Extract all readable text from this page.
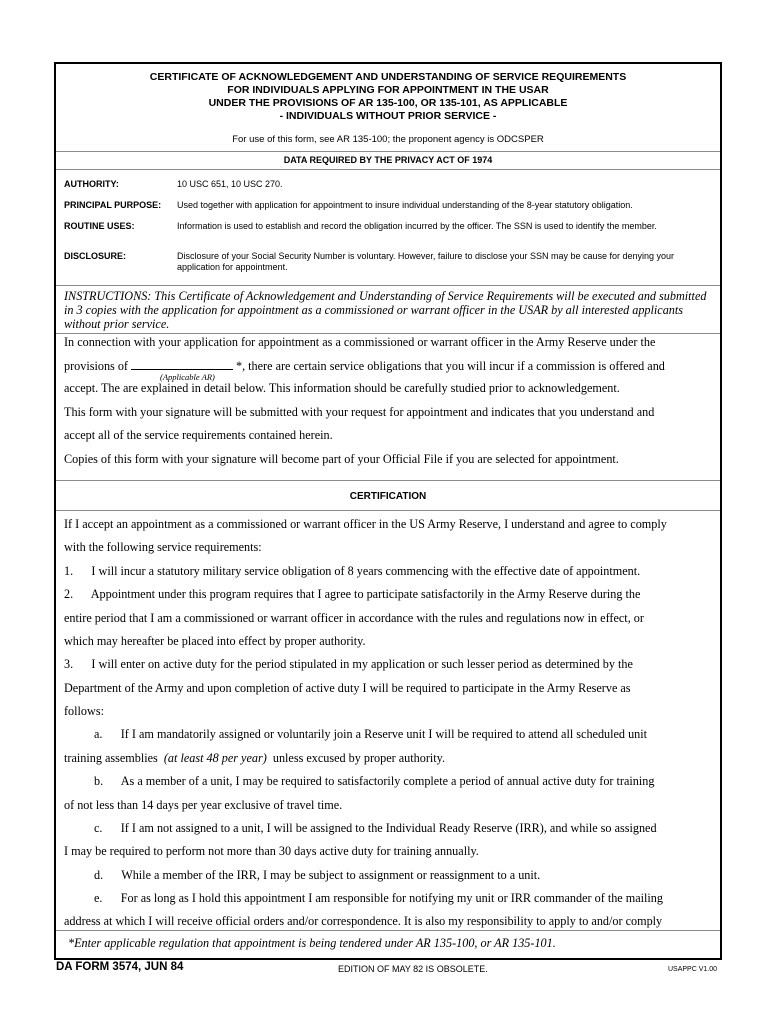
CERTIFICATE OF ACKNOWLEDGEMENT AND UNDERSTANDING OF SERVICE REQUIREMENTS
FOR INDIVIDUALS APPLYING FOR APPOINTMENT IN THE USAR
UNDER THE PROVISIONS OF AR 135-100, OR 135-101, AS APPLICABLE
- INDIVIDUALS WITHOUT PRIOR SERVICE -
For use of this form, see AR 135-100; the proponent agency is ODCSPER
DATA REQUIRED BY THE PRIVACY ACT OF 1974
AUTHORITY:	10 USC 651, 10 USC 270.
PRINCIPAL PURPOSE: Used together with application for appointment to insure individual understanding of the 8-year statutory obligation.
ROUTINE USES:	Information is used to establish and record the obligation incurred by the officer. The SSN is used to identify the member.
DISCLOSURE:	Disclosure of your Social Security Number is voluntary. However, failure to disclose your SSN may be cause for denying your application for appointment.
INSTRUCTIONS: This Certificate of Acknowledgement and Understanding of Service Requirements will be executed and submitted in 3 copies with the application for appointment as a commissioned or warrant officer in the USAR by all interested applicants without prior service.
In connection with your application for appointment as a commissioned or warrant officer in the Army Reserve under the
provisions of	*, there are certain service obligations that you will incur if a commission is offered and
(Applicable AR)
accept. The are explained in detail below. This information should be carefully studied prior to acknowledgement.
This form with your signature will be submitted with your request for appointment and indicates that you understand and
accept all of the service requirements contained herein.
Copies of this form with your signature will become part of your Official File if you are selected for appointment.
CERTIFICATION
If I accept an appointment as a commissioned or warrant officer in the US Army Reserve, I understand and agree to comply
with the following service requirements:
1.      I will incur a statutory military service obligation of 8 years commencing with the effective date of appointment.
2.      Appointment under this program requires that I agree to participate satisfactorily in the Army Reserve during the
entire period that I am a commissioned or warrant officer in accordance with the rules and regulations now in effect, or
which may hereafter be placed into effect by proper authority.
3.      I will enter on active duty for the period stipulated in my application or such lesser period as determined by the
Department of the Army and upon completion of active duty I will be required to participate in the Army Reserve as
follows:
a.      If I am mandatorily assigned or voluntarily join a Reserve unit I will be required to attend all scheduled unit
training assemblies (at least 48 per year) unless excused by proper authority.
b.      As a member of a unit, I may be required to satisfactorily complete a period of annual active duty for training
of not less than 14 days per year exclusive of travel time.
c.      If I am not assigned to a unit, I will be assigned to the Individual Ready Reserve (IRR), and while so assigned
I may be required to perform not more than 30 days active duty for training annually.
d.      While a member of the IRR, I may be subject to assignment or reassignment to a unit.
e.      For as long as I hold this appointment I am responsible for notifying my unit or IRR commander of the mailing
address at which I will receive official orders and/or correspondence. It is also my responsibility to apply to and/or comply
*Enter applicable regulation that appointment is being tendered under AR 135-100, or AR 135-101.
DA FORM 3574, JUN 84	EDITION OF MAY 82 IS OBSOLETE.	USAPPC V1.00
